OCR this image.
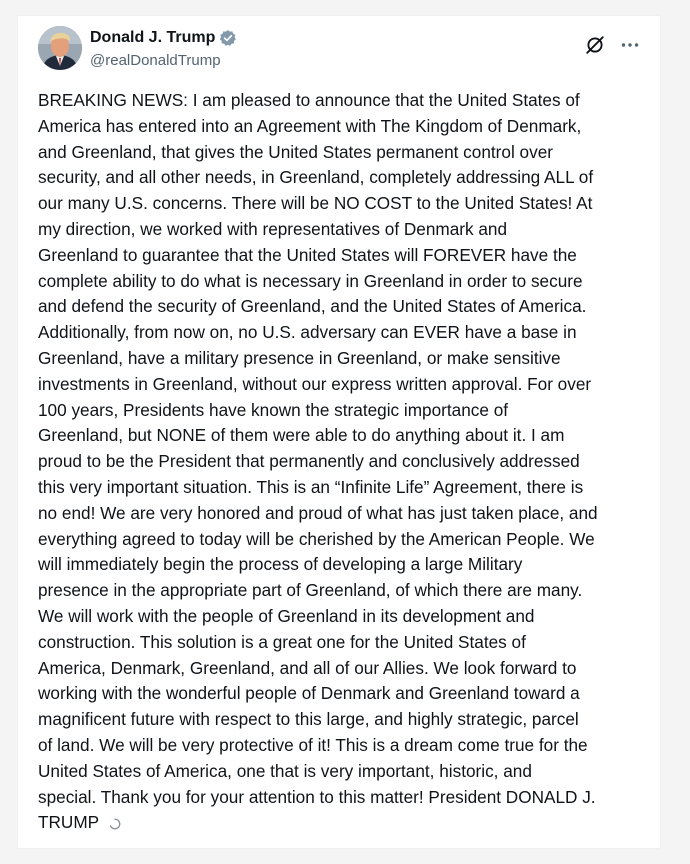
Donald J. Trump
@realDonaldTrump
BREAKING NEWS: I am pleased to announce that the United States of
America has entered into an Agreement with The Kingdom of Denmark,
and Greenland, that gives the United States permanent control over
security, and all other needs, in Greenland, completely addressing ALL of
our many U.S. concerns. There will be NO COST to the United States! At
my direction, we worked with representatives of Denmark and
Greenland to guarantee that the United States will FOREVER have the
complete ability to do what is necessary in Greenland in order to secure
and defend the security of Greenland, and the United States of America.
Additionally, from now on, no U.S. adversary can EVER have a base in
Greenland, have a military presence in Greenland, or make sensitive
investments in Greenland, without our express written approval. For over
100 years, Presidents have known the strategic importance of
Greenland, but NONE of them were able to do anything about it. I am
proud to be the President that permanently and conclusively addressed
this very important situation. This is an “Infinite Life” Agreement, there is
no end! We are very honored and proud of what has just taken place, and
everything agreed to today will be cherished by the American People. We
will immediately begin the process of developing a large Military
presence in the appropriate part of Greenland, of which there are many.
We will work with the people of Greenland in its development and
construction. This solution is a great one for the United States of
America, Denmark, Greenland, and all of our Allies. We look forward to
working with the wonderful people of Denmark and Greenland toward a
magnificent future with respect to this large, and highly strategic, parcel
of land. We will be very protective of it! This is a dream come true for the
United States of America, one that is very important, historic, and
special. Thank you for your attention to this matter! President DONALD J.
TRUMP
